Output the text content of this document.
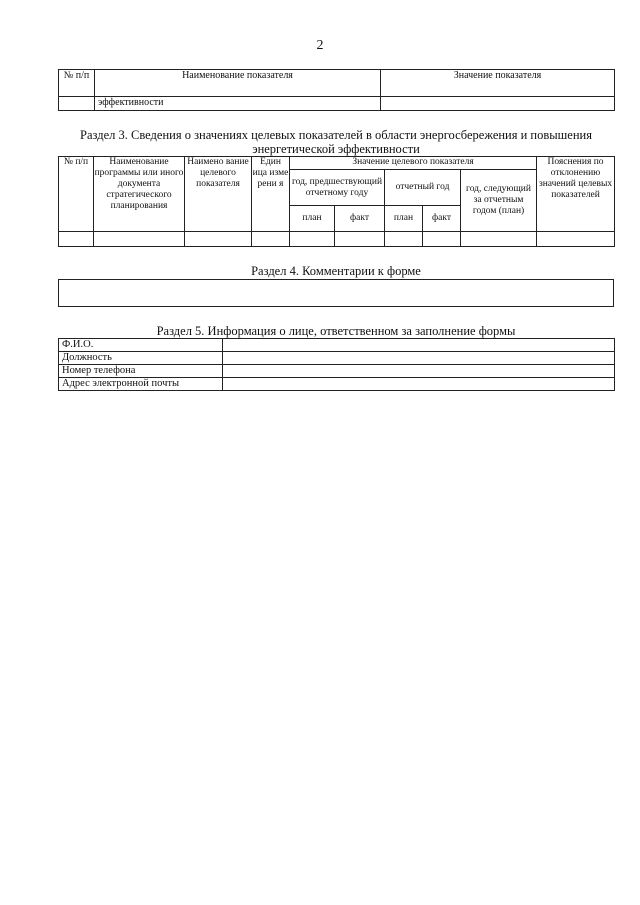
2
№ п/п	Наименование показателя	Значение показателя
	эффективности	
Раздел 3. Сведения о значениях целевых показателей в области энергосбережения и повышения энергетической эффективности
№ п/п	Наименование программы или иного документа стратегического планирования	Наимено вание целевого показателя	Един ица изме рени я	Значение целевого показателя					Пояснения по отклонению значений целевых показателей
				год, предшествующий отчетному году		отчетный год		год, следующий за отчетным годом (план)	
				план	факт	план	факт		

Раздел 4. Комментарии к форме
Раздел 5. Информация о лице, ответственном за заполнение формы
Ф.И.О.	
Должность	
Номер телефона	
Адрес электронной почты	
